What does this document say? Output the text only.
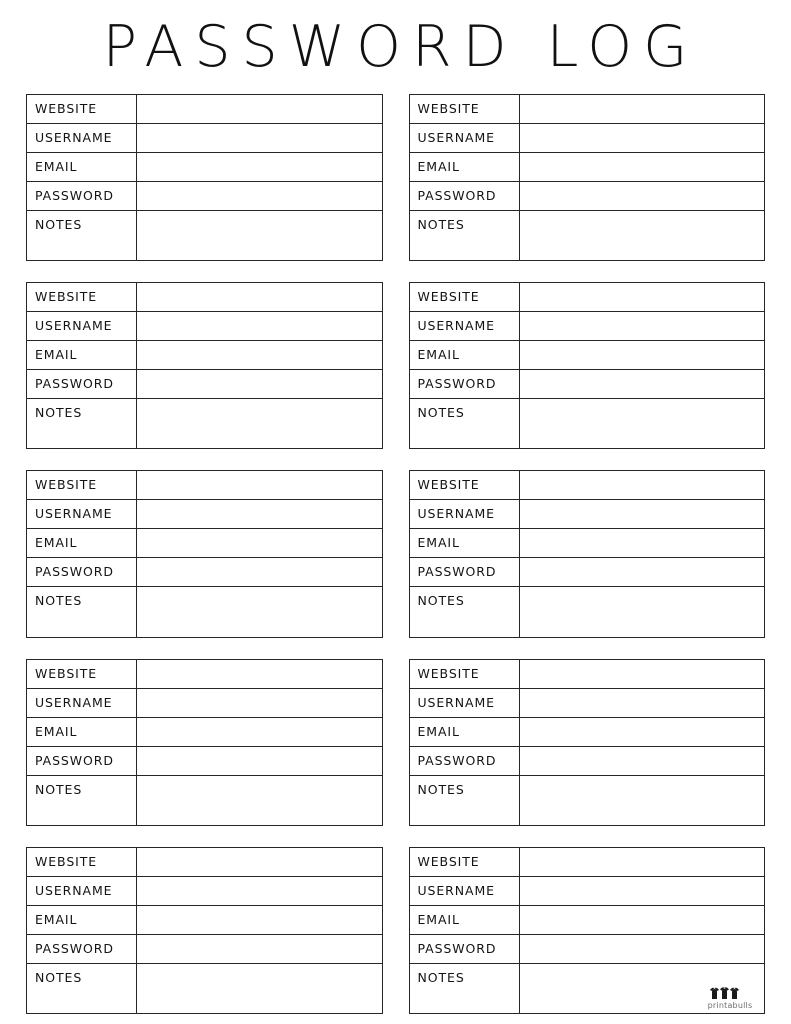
PASSWORD LOG
WEBSITE
USERNAME
EMAIL
PASSWORD
NOTES
WEBSITE
USERNAME
EMAIL
PASSWORD
NOTES
WEBSITE
USERNAME
EMAIL
PASSWORD
NOTES
WEBSITE
USERNAME
EMAIL
PASSWORD
NOTES
WEBSITE
USERNAME
EMAIL
PASSWORD
NOTES
WEBSITE
USERNAME
EMAIL
PASSWORD
NOTES
WEBSITE
USERNAME
EMAIL
PASSWORD
NOTES
WEBSITE
USERNAME
EMAIL
PASSWORD
NOTES
WEBSITE
USERNAME
EMAIL
PASSWORD
NOTES
WEBSITE
USERNAME
EMAIL
PASSWORD
NOTES
printabulls
